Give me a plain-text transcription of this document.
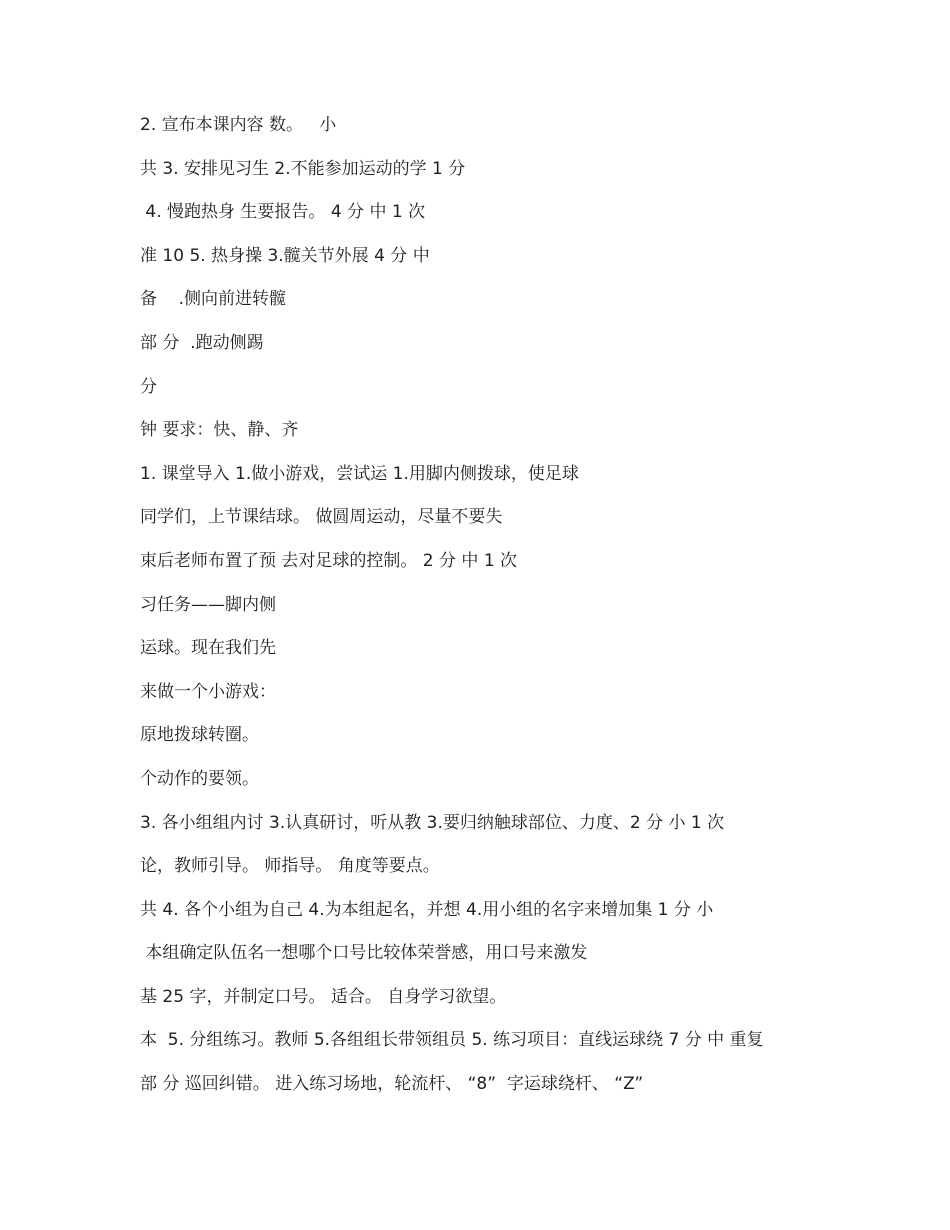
2. 宣布本课内容 数。   小
共 3. 安排见习生 2.不能参加运动的学 1 分
4. 慢跑热身 生要报告。 4 分 中 1 次
准 10 5. 热身操 3.髋关节外展 4 分 中
备    .侧向前进转髋
部 分  .跑动侧踢
分
钟 要求：快、静、齐
1. 课堂导入 1.做小游戏，尝试运 1.用脚内侧拨球，使足球
同学们，上节课结球。 做圆周运动，尽量不要失
束后老师布置了预 去对足球的控制。 2 分 中 1 次
习任务——脚内侧
运球。现在我们先
来做一个小游戏：
原地拨球转圈。
个动作的要领。
3. 各小组组内讨 3.认真研讨，听从教 3.要归纳触球部位、力度、2 分 小 1 次
论，教师引导。 师指导。 角度等要点。
共 4. 各个小组为自己 4.为本组起名，并想 4.用小组的名字来增加集 1 分 小
本组确定队伍名一想哪个口号比较体荣誉感，用口号来激发
基 25 字，并制定口号。 适合。 自身学习欲望。
本  5. 分组练习。教师 5.各组组长带领组员 5. 练习项目：直线运球绕 7 分 中 重复
部 分 巡回纠错。 进入练习场地，轮流杆、 “8”  字运球绕杆、 “Z”
